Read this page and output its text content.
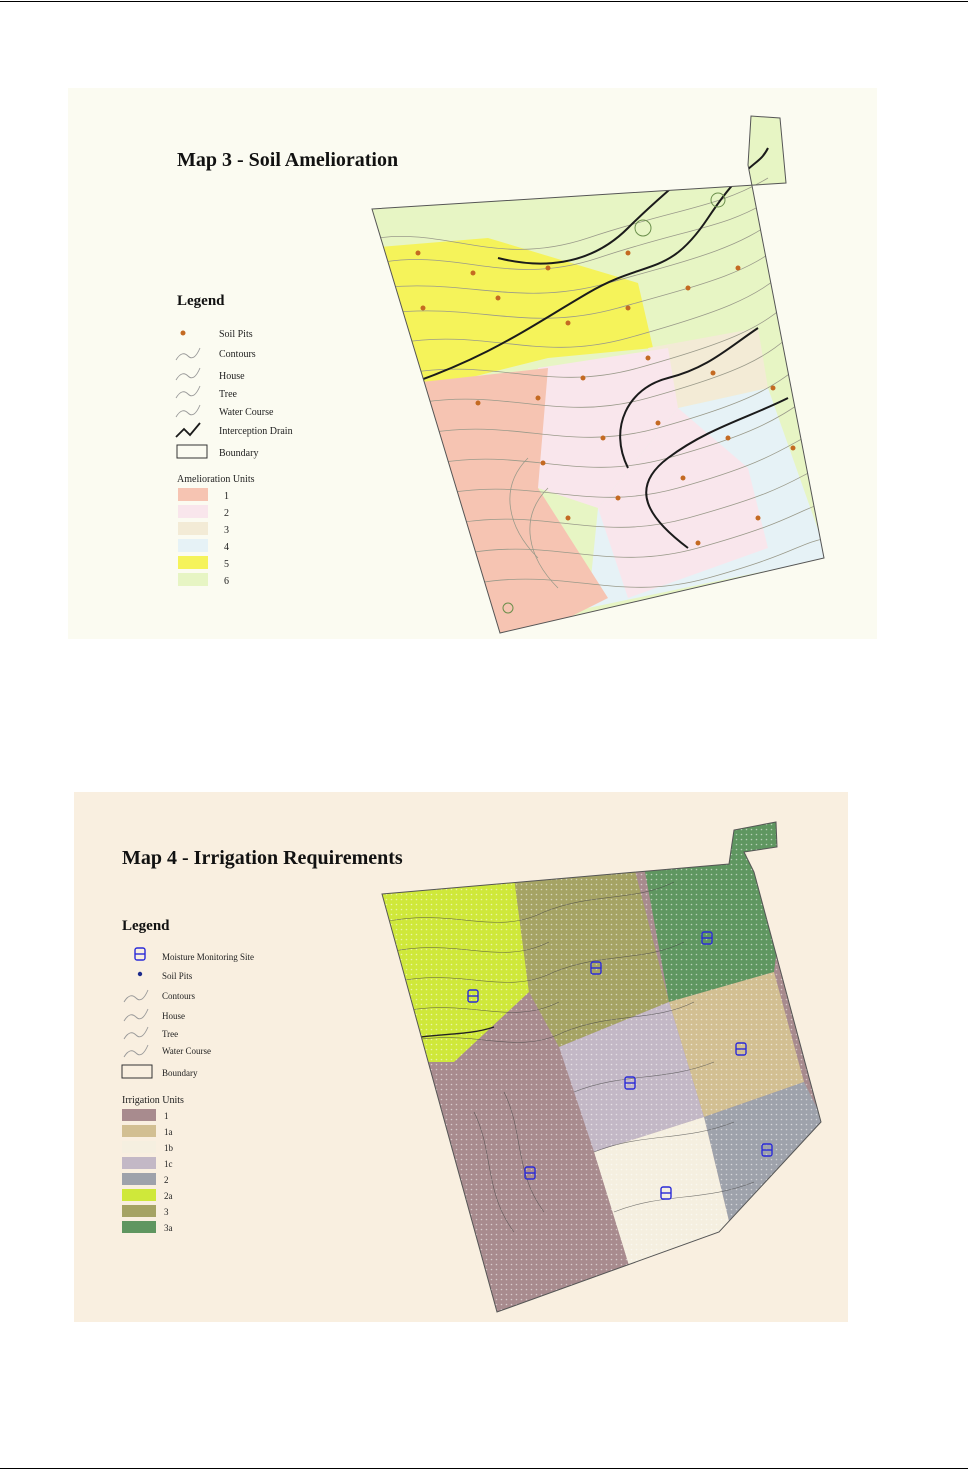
Map 3 - Soil Amelioration
Legend
Soil Pits
Contours
House
Tree
Water Course
Interception Drain
Boundary
Amelioration Units
1
2
3
4
5
6
Map 4 - Irrigation Requirements
Legend
Moisture Monitoring Site
Soil Pits
Contours
House
Tree
Water Course
Boundary
Irrigation Units
1
1a
1b
1c
2
2a
3
3a
